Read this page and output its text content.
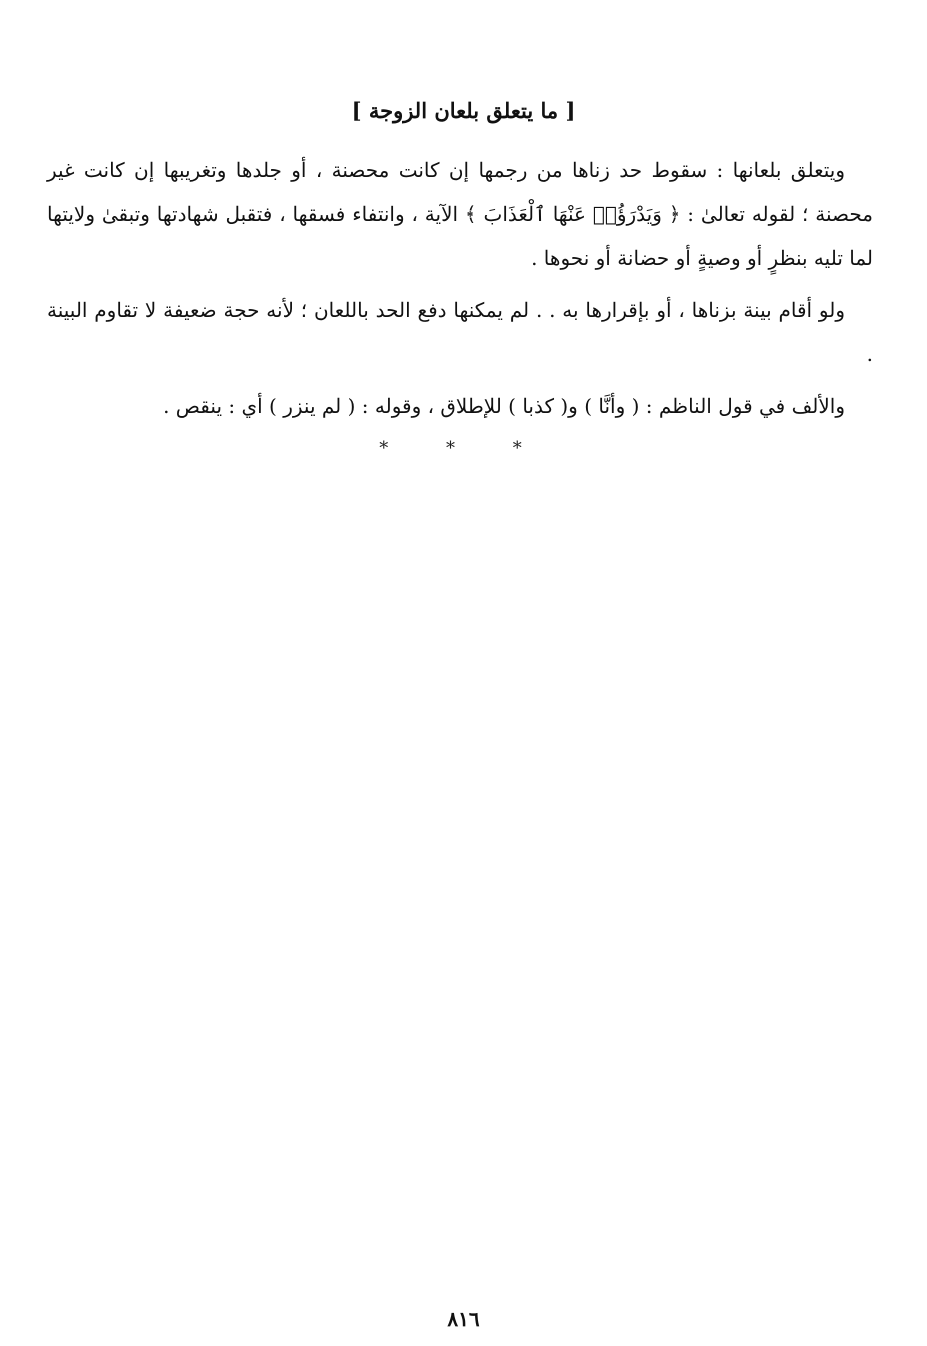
[ ما يتعلق بلعان الزوجة ]

ويتعلق بلعانها : سقوط حد زناها من رجمها إن كانت محصنة ، أو جلدها وتغريبها إن كانت غير محصنة ؛ لقوله تعالىٰ : ﴿ وَيَدْرَؤُا۟ عَنْهَا ٱلْعَذَابَ ﴾ الآية ، وانتفاء فسقها ، فتقبل شهادتها وتبقىٰ ولايتها لما تليه بنظرٍ أو وصيةٍ أو حضانة أو نحوها .

ولو أقام بينة بزناها ، أو بإقرارها به . . لم يمكنها دفع الحد باللعان ؛ لأنه حجة ضعيفة لا تقاوم البينة .

والألف في قول الناظم : ( وأنَّا ) و( كذبا ) للإطلاق ، وقوله : ( لم ينزر ) أي : ينقص .

* * *
٨١٦
